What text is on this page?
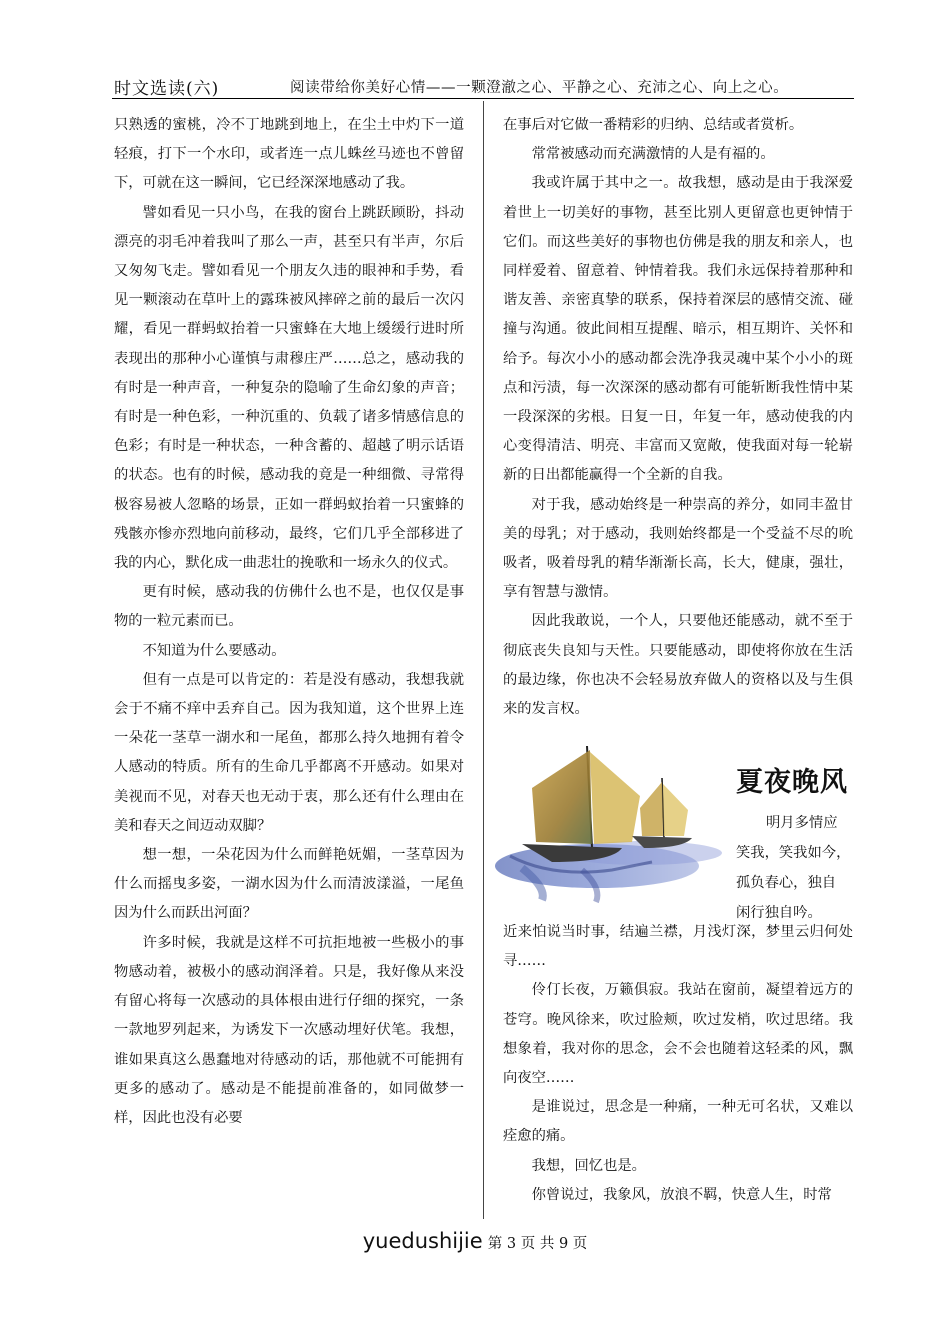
时文选读(六)	阅读带给你美好心情——一颗澄澈之心、平静之心、充沛之心、向上之心。

只熟透的蜜桃，冷不丁地跳到地上，在尘土中灼下一道轻痕，打下一个水印，或者连一点儿蛛丝马迹也不曾留下，可就在这一瞬间，它已经深深地感动了我。

譬如看见一只小鸟，在我的窗台上跳跃顾盼，抖动漂亮的羽毛冲着我叫了那么一声，甚至只有半声，尔后又匆匆飞走。譬如看见一个朋友久违的眼神和手势，看见一颗滚动在草叶上的露珠被风摔碎之前的最后一次闪耀，看见一群蚂蚁抬着一只蜜蜂在大地上缓缓行进时所表现出的那种小心谨慎与肃穆庄严……总之，感动我的有时是一种声音，一种复杂的隐喻了生命幻象的声音；有时是一种色彩，一种沉重的、负载了诸多情感信息的色彩；有时是一种状态，一种含蓄的、超越了明示话语的状态。也有的时候，感动我的竟是一种细微、寻常得极容易被人忽略的场景，正如一群蚂蚁抬着一只蜜蜂的残骸亦惨亦烈地向前移动，最终，它们几乎全部移进了我的内心，默化成一曲悲壮的挽歌和一场永久的仪式。

更有时候，感动我的仿佛什么也不是，也仅仅是事物的一粒元素而已。

不知道为什么要感动。

但有一点是可以肯定的：若是没有感动，我想我就会于不痛不痒中丢弃自己。因为我知道，这个世界上连一朵花一茎草一湖水和一尾鱼，都那么持久地拥有着令人感动的特质。所有的生命几乎都离不开感动。如果对美视而不见，对春天也无动于衷，那么还有什么理由在美和春天之间迈动双脚？

想一想，一朵花因为什么而鲜艳妩媚，一茎草因为什么而摇曳多姿，一湖水因为什么而清波漾溢，一尾鱼因为什么而跃出河面？

许多时候，我就是这样不可抗拒地被一些极小的事物感动着，被极小的感动润泽着。只是，我好像从来没有留心将每一次感动的具体根由进行仔细的探究，一条一款地罗列起来，为诱发下一次感动埋好伏笔。我想，谁如果真这么愚蠢地对待感动的话，那他就不可能拥有更多的感动了。感动是不能提前准备的，如同做梦一样，因此也没有必要

在事后对它做一番精彩的归纳、总结或者赏析。

常常被感动而充满激情的人是有福的。

我或许属于其中之一。故我想，感动是由于我深爱着世上一切美好的事物，甚至比别人更留意也更钟情于它们。而这些美好的事物也仿佛是我的朋友和亲人，也同样爱着、留意着、钟情着我。我们永远保持着那种和谐友善、亲密真挚的联系，保持着深层的感情交流、碰撞与沟通。彼此间相互提醒、暗示，相互期许、关怀和给予。每次小小的感动都会洗净我灵魂中某个小小的斑点和污渍，每一次深深的感动都有可能斩断我性情中某一段深深的劣根。日复一日，年复一年，感动使我的内心变得清洁、明亮、丰富而又宽敞，使我面对每一轮崭新的日出都能赢得一个全新的自我。

对于我，感动始终是一种崇高的养分，如同丰盈甘美的母乳；对于感动，我则始终都是一个受益不尽的吮吸者，吸着母乳的精华渐渐长高，长大，健康，强壮，享有智慧与激情。

因此我敢说，一个人，只要他还能感动，就不至于彻底丧失良知与天性。只要能感动，即使将你放在生活的最边缘，你也决不会轻易放弃做人的资格以及与生俱来的发言权。

夏夜晚风
明月多情应
笑我，笑我如今，
孤负春心，独自
闲行独自吟。

近来怕说当时事，结遍兰襟，月浅灯深，梦里云归何处寻……

伶仃长夜，万籁俱寂。我站在窗前，凝望着远方的苍穹。晚风徐来，吹过脸颊，吹过发梢，吹过思绪。我想象着，我对你的思念，会不会也随着这轻柔的风，飘向夜空……

是谁说过，思念是一种痛，一种无可名状，又难以痊愈的痛。

我想，回忆也是。

你曾说过，我象风，放浪不羁，快意人生，时常

yuedushijie 第 3 页 共 9 页
